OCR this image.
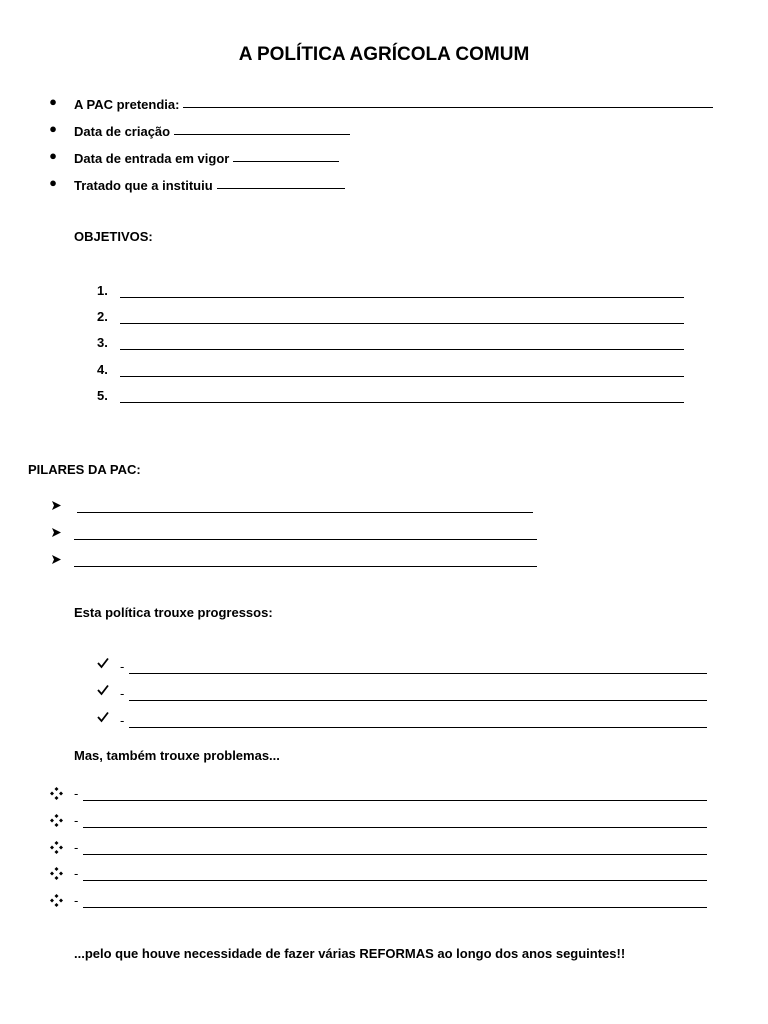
A POLÍTICA AGRÍCOLA COMUM
● A PAC pretendia:
● Data de criação
● Data de entrada em vigor
● Tratado que a instituiu
OBJETIVOS:
1.
2.
3.
4.
5.
PILARES DA PAC:
Esta política trouxe progressos:
-
-
-
Mas, também trouxe problemas...
-
-
-
-
-
...pelo que houve necessidade de fazer várias REFORMAS ao longo dos anos seguintes!!
